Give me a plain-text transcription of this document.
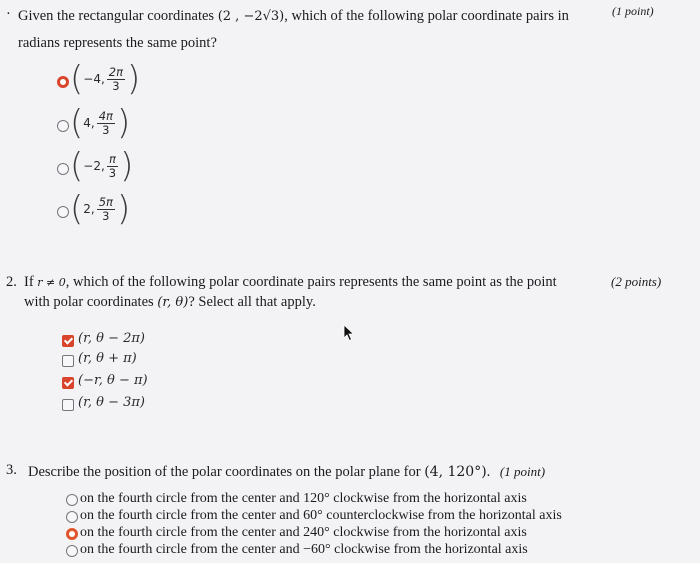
· Given the rectangular coordinates (2 , −2√3), which of the following polar coordinate pairs in	(1 point)
radians represents the same point?
( −4, $\frac{2\pi}{3}$ )
( 4, $\frac{4\pi}{3}$ )
( −2, $\frac{\pi}{3}$ )
( 2, $\frac{5\pi}{3}$ )
2. If r ≠ 0, which of the following polar coordinate pairs represents the same point as the point	(2 points)
with polar coordinates (r, θ)? Select all that apply.
(r, θ − 2π)
(r, θ + π)
(−r, θ − π)
(r, θ − 3π)
3. Describe the position of the polar coordinates on the polar plane for (4, 120°). (1 point)
on the fourth circle from the center and 120° clockwise from the horizontal axis
on the fourth circle from the center and 60° counterclockwise from the horizontal axis
on the fourth circle from the center and 240° clockwise from the horizontal axis
on the fourth circle from the center and −60° clockwise from the horizontal axis
